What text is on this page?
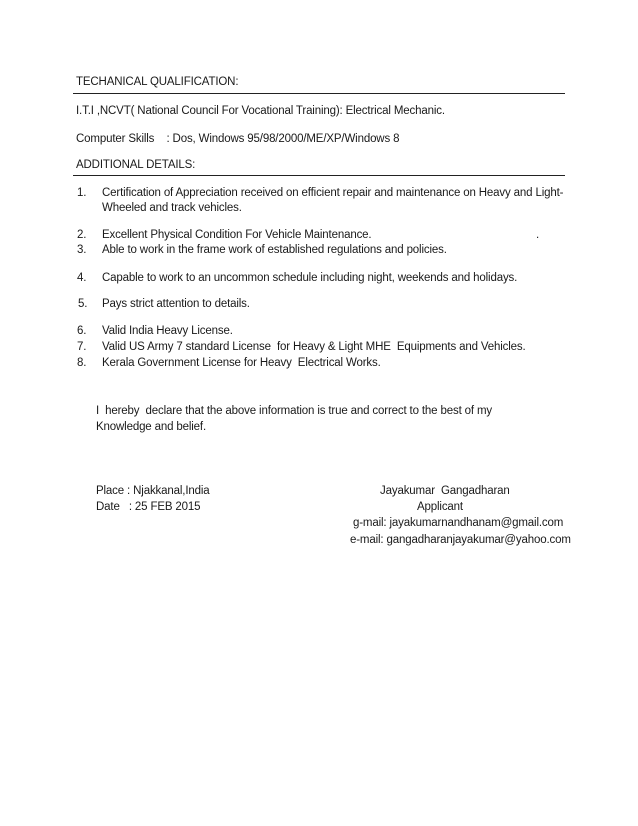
TECHANICAL QUALIFICATION:
I.T.I ,NCVT( National Council For Vocational Training): Electrical Mechanic.
Computer Skills    : Dos, Windows 95/98/2000/ME/XP/Windows 8
ADDITIONAL DETAILS:
1. Certification of Appreciation received on efficient repair and maintenance on Heavy and Light-
Wheeled and track vehicles.
2. Excellent Physical Condition For Vehicle Maintenance.	.
3. Able to work in the frame work of established regulations and policies.
4. Capable to work to an uncommon schedule including night, weekends and holidays.
5. Pays strict attention to details.
6. Valid India Heavy License.
7. Valid US Army 7 standard License  for Heavy & Light MHE  Equipments and Vehicles.
8. Kerala Government License for Heavy  Electrical Works.
I  hereby  declare that the above information is true and correct to the best of my
Knowledge and belief.
Place : Njakkanal,India
Date   : 25 FEB 2015
Jayakumar  Gangadharan
Applicant
g-mail: jayakumarnandhanam@gmail.com
e-mail: gangadharanjayakumar@yahoo.com
